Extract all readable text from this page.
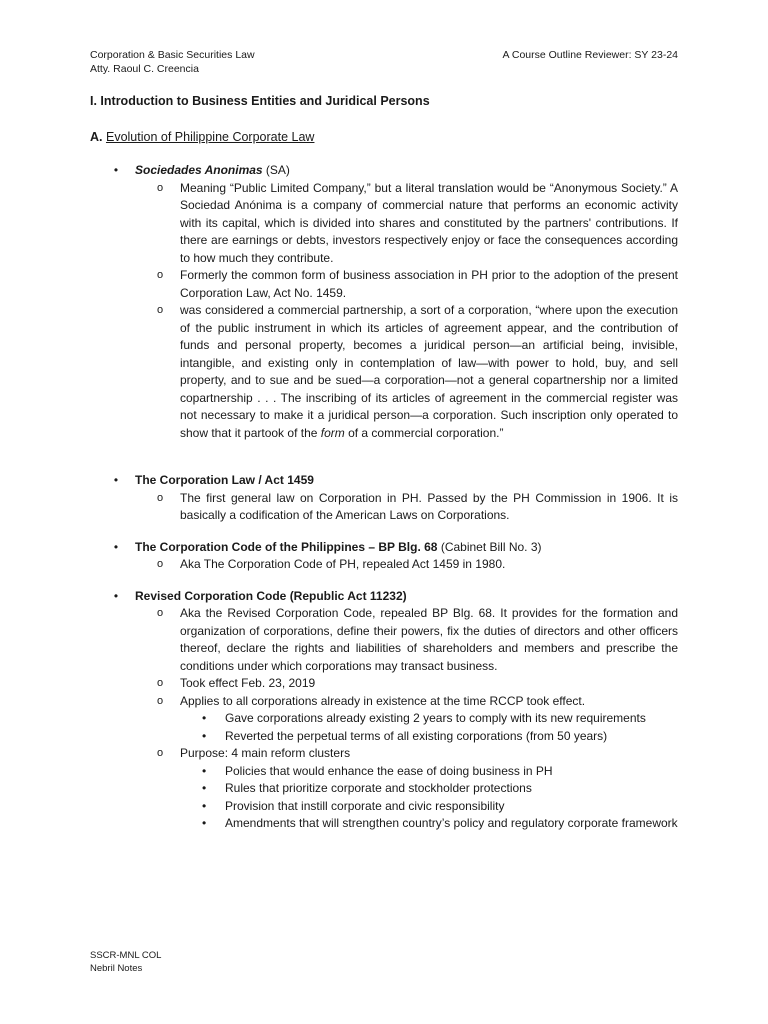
Corporation & Basic Securities Law
Atty. Raoul C. Creencia
A Course Outline Reviewer: SY 23-24
I. Introduction to Business Entities and Juridical Persons
A. Evolution of Philippine Corporate Law
•	Sociedades Anonimas (SA)
o Meaning “Public Limited Company,” but a literal translation would be “Anonymous Society.” A Sociedad Anónima is a company of commercial nature that performs an economic activity with its capital, which is divided into shares and constituted by the partners' contributions. If there are earnings or debts, investors respectively enjoy or face the consequences according to how much they contribute.
o Formerly the common form of business association in PH prior to the adoption of the present Corporation Law, Act No. 1459.
o was considered a commercial partnership, a sort of a corporation, “where upon the execution of the public instrument in which its articles of agreement appear, and the contribution of funds and personal property, becomes a juridical person—an artificial being, invisible, intangible, and existing only in contemplation of law—with power to hold, buy, and sell property, and to sue and be sued—a corporation—not a general copartnership nor a limited copartnership . . . The inscribing of its articles of agreement in the commercial register was not necessary to make it a juridical person—a corporation. Such inscription only operated to show that it partook of the form of a commercial corporation.”
•	The Corporation Law / Act 1459
o The first general law on Corporation in PH. Passed by the PH Commission in 1906. It is basically a codification of the American Laws on Corporations.
•	The Corporation Code of the Philippines – BP Blg. 68 (Cabinet Bill No. 3)
o Aka The Corporation Code of PH, repealed Act 1459 in 1980.
•	Revised Corporation Code (Republic Act 11232)
o Aka the Revised Corporation Code, repealed BP Blg. 68. It provides for the formation and organization of corporations, define their powers, fix the duties of directors and other officers thereof, declare the rights and liabilities of shareholders and members and prescribe the conditions under which corporations may transact business.
o Took effect Feb. 23, 2019
o Applies to all corporations already in existence at the time RCCP took effect.
• Gave corporations already existing 2 years to comply with its new requirements
• Reverted the perpetual terms of all existing corporations (from 50 years)
o Purpose: 4 main reform clusters
• Policies that would enhance the ease of doing business in PH
• Rules that prioritize corporate and stockholder protections
• Provision that instill corporate and civic responsibility
• Amendments that will strengthen country’s policy and regulatory corporate framework
SSCR-MNL COL
Nebril Notes
